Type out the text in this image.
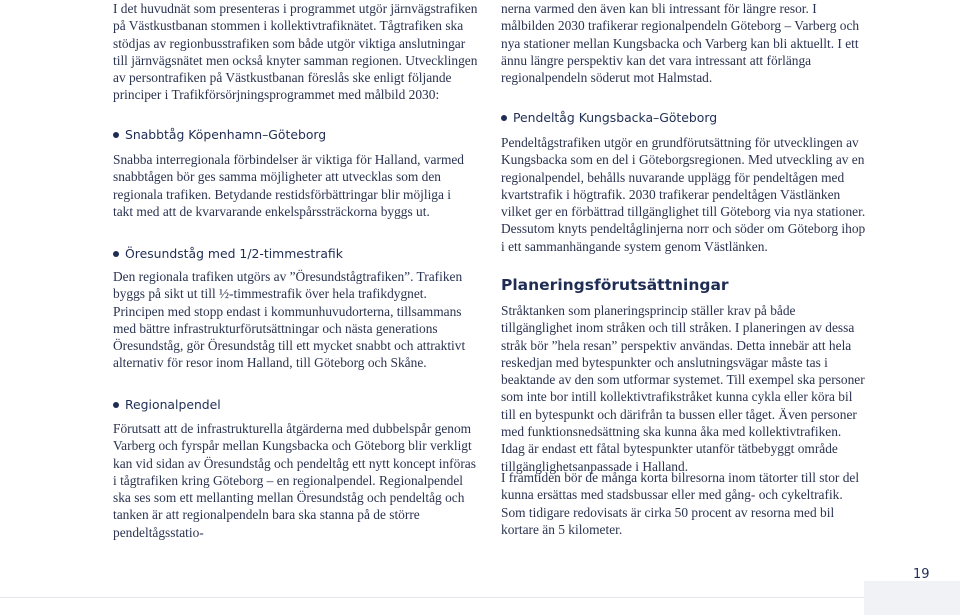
I det huvudnät som presenteras i programmet utgör järnvägstrafiken på Västkustbanan stommen i kollektivtrafiknätet. Tågtrafiken ska stödjas av regionbusstrafiken som både utgör viktiga anslutningar till järnvägsnätet men också knyter samman regionen. Utvecklingen av persontrafiken på Västkustbanan föreslås ske enligt följande principer i Trafikförsörjningsprogrammet med målbild 2030:

Snabbtåg Köpenhamn–Göteborg

Snabba interregionala förbindelser är viktiga för Halland, varmed snabbtågen bör ges samma möjligheter att utvecklas som den regionala trafiken. Betydande restidsförbättringar blir möjliga i takt med att de kvarvarande enkelspårssträckorna byggs ut.

Öresundståg med 1/2-timmestrafik

Den regionala trafiken utgörs av ”Öresundstågtrafiken”. Trafiken byggs på sikt ut till ½-timmestrafik över hela trafikdygnet. Principen med stopp endast i kommunhuvudorterna, tillsammans med bättre infrastrukturförutsättningar och nästa generations Öresundståg, gör Öresundståg till ett mycket snabbt och attraktivt alternativ för resor inom Halland, till Göteborg och Skåne.

Regionalpendel

Förutsatt att de infrastrukturella åtgärderna med dubbelspår genom Varberg och fyrspår mellan Kungsbacka och Göteborg blir verkligt kan vid sidan av Öresundståg och pendeltåg ett nytt koncept införas i tågtrafiken kring Göteborg – en regionalpendel. Regionalpendel ska ses som ett mellanting mellan Öresundståg och pendeltåg och tanken är att regionalpendeln bara ska stanna på de större pendeltågsstatio-

nerna varmed den även kan bli intressant för längre resor. I målbilden 2030 trafikerar regionalpendeln Göteborg – Varberg och nya stationer mellan Kungsbacka och Varberg kan bli aktuellt. I ett ännu längre perspektiv kan det vara intressant att förlänga regionalpendeln söderut mot Halmstad.

Pendeltåg Kungsbacka–Göteborg

Pendeltågstrafiken utgör en grundförutsättning för utvecklingen av Kungsbacka som en del i Göteborgsregionen. Med utveckling av en regionalpendel, behålls nuvarande upplägg för pendeltågen med kvartstrafik i högtrafik. 2030 trafikerar pendeltågen Västlänken vilket ger en förbättrad tillgänglighet till Göteborg via nya stationer. Dessutom knyts pendeltåglinjerna norr och söder om Göteborg ihop i ett sammanhängande system genom Västlänken.

Planeringsförutsättningar

Stråktanken som planeringsprincip ställer krav på både tillgänglighet inom stråken och till stråken. I planeringen av dessa stråk bör ”hela resan” perspektiv användas. Detta innebär att hela reskedjan med bytespunkter och anslutningsvägar måste tas i beaktande av den som utformar systemet. Till exempel ska personer som inte bor intill kollektivtrafikstråket kunna cykla eller köra bil till en bytespunkt och därifrån ta bussen eller tåget. Även personer med funktionsnedsättning ska kunna åka med kollektivtrafiken. Idag är endast ett fåtal bytespunkter utanför tätbebyggt område tillgänglighetsanpassade i Halland.

I framtiden bör de många korta bilresorna inom tätorter till stor del kunna ersättas med stadsbussar eller med gång- och cykeltrafik. Som tidigare redovisats är cirka 50 procent av resorna med bil kortare än 5 kilometer.

19
